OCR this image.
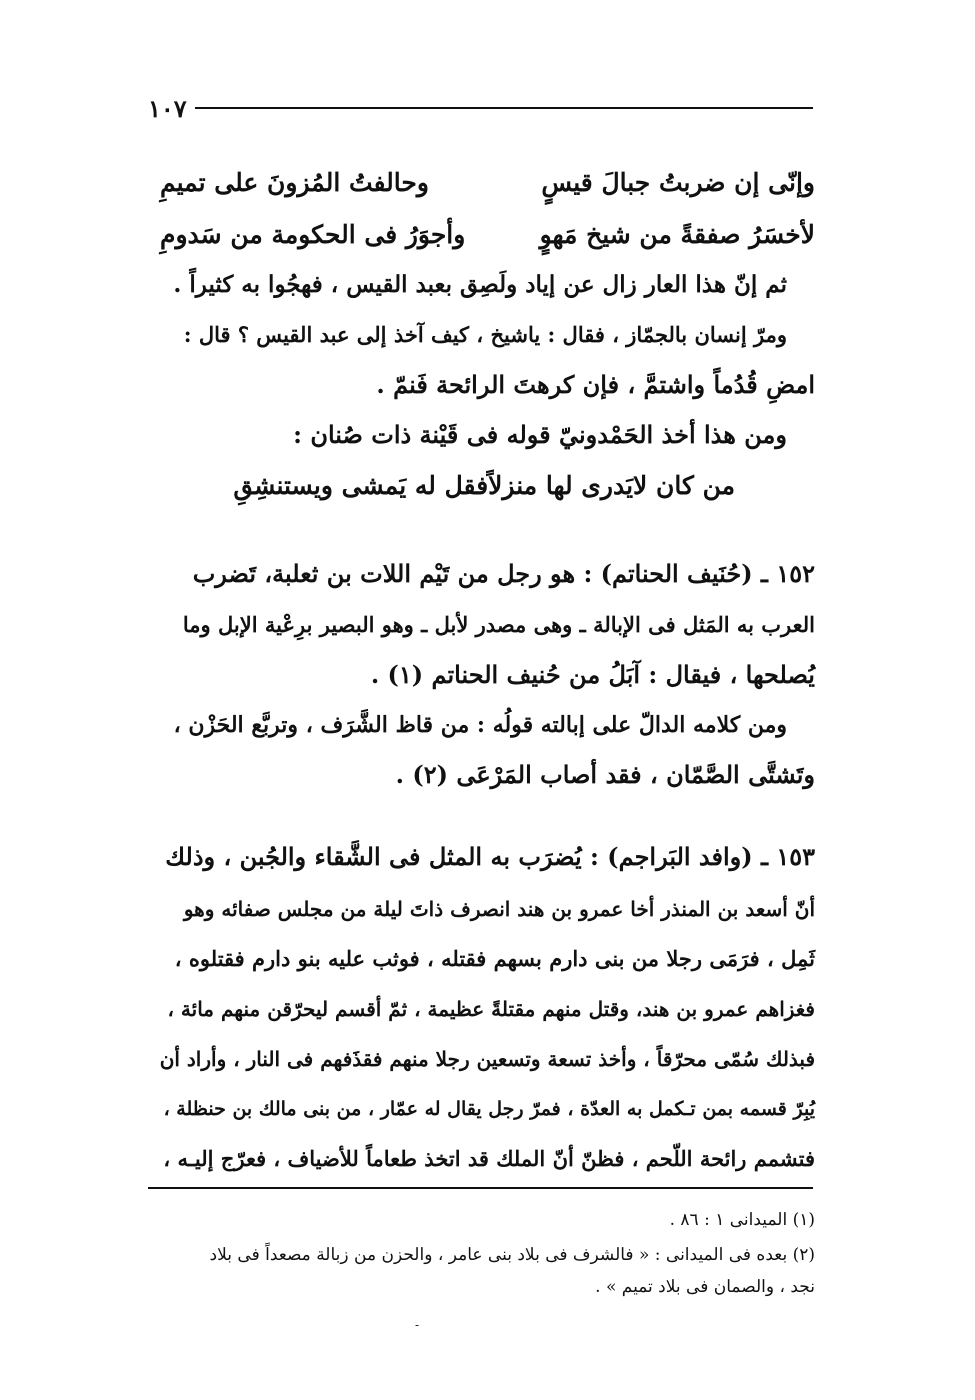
١٠٧
وإنّى إن ضربتُ جبالَ قيسٍ
وحالفتُ المُزونَ على تميمِ
لأخسَرُ صفقةً من شيخ مَهوٍ
وأجوَرُ فى الحكومة من سَدومِ
ثم إنّ هذا العار زال عن إياد ولَصِق بعبد القيس ، فهجُوا به كثيراً .
ومرّ إنسان بالجمّاز ، فقال : ياشيخ ، كيف آخذ إلى عبد القيس ؟ قال :
امضِ قُدُماً واشتمَّ ، فإن كرهتَ الرائحة فَنمّ .
ومن هذا أخذ الحَمْدونيّ قوله فى قَيْنة ذات صُنان :
من كان لايَدرى لها منزلاً
فقل له يَمشى ويستنشِقِ
١٥٢ ـ (حُنَيف الحناتم) : هو رجل من تَيْم اللات بن ثعلبة، تَضرب
العرب به المَثل فى الإبالة ـ وهى مصدر لأبل ـ وهو البصير برِعْية الإبل وما
يُصلحها ، فيقال : آبَلُ من حُنيف الحناتم (١) .
ومن كلامه الدالّ على إبالته قولُه : من قاظ الشَّرَف ، وتربَّع الحَزْن ،
وتَشتَّى الصَّمّان ، فقد أصاب المَرْعَى (٢) .
١٥٣ ـ (وافد البَراجم) : يُضرَب به المثل فى الشَّقاء والجُبن ، وذلك
أنّ أسعد بن المنذر أخا عمرو بن هند انصرف ذاتَ ليلة من مجلس صفائه وهو
ثَمِل ، فرَمَى رجلا من بنى دارم بسهم فقتله ، فوثب عليه بنو دارم فقتلوه ،
فغزاهم عمرو بن هند، وقتل منهم مقتلةً عظيمة ، ثمّ أقسم ليحرّقن منهم مائة ،
فبذلك سُمّى محرّقاً ، وأخذ تسعة وتسعين رجلا منهم فقذَفهم فى النار ، وأراد أن
يُبِرّ قسمه بمن تـكمل به العدّة ، فمرّ رجل يقال له عمّار ، من بنى مالك بن حنظلة ،
فتشمم رائحة اللّحم ، فظنّ أنّ الملك قد اتخذ طعاماً للأضياف ، فعرّج إليـه ،
(١) الميدانى ١ : ٨٦ .
(٢) بعده فى الميدانى : « فالشرف فى بلاد بنى عامر ، والحزن من زبالة مصعداً فى بلاد
نجد ، والصمان فى بلاد تميم » .
-
